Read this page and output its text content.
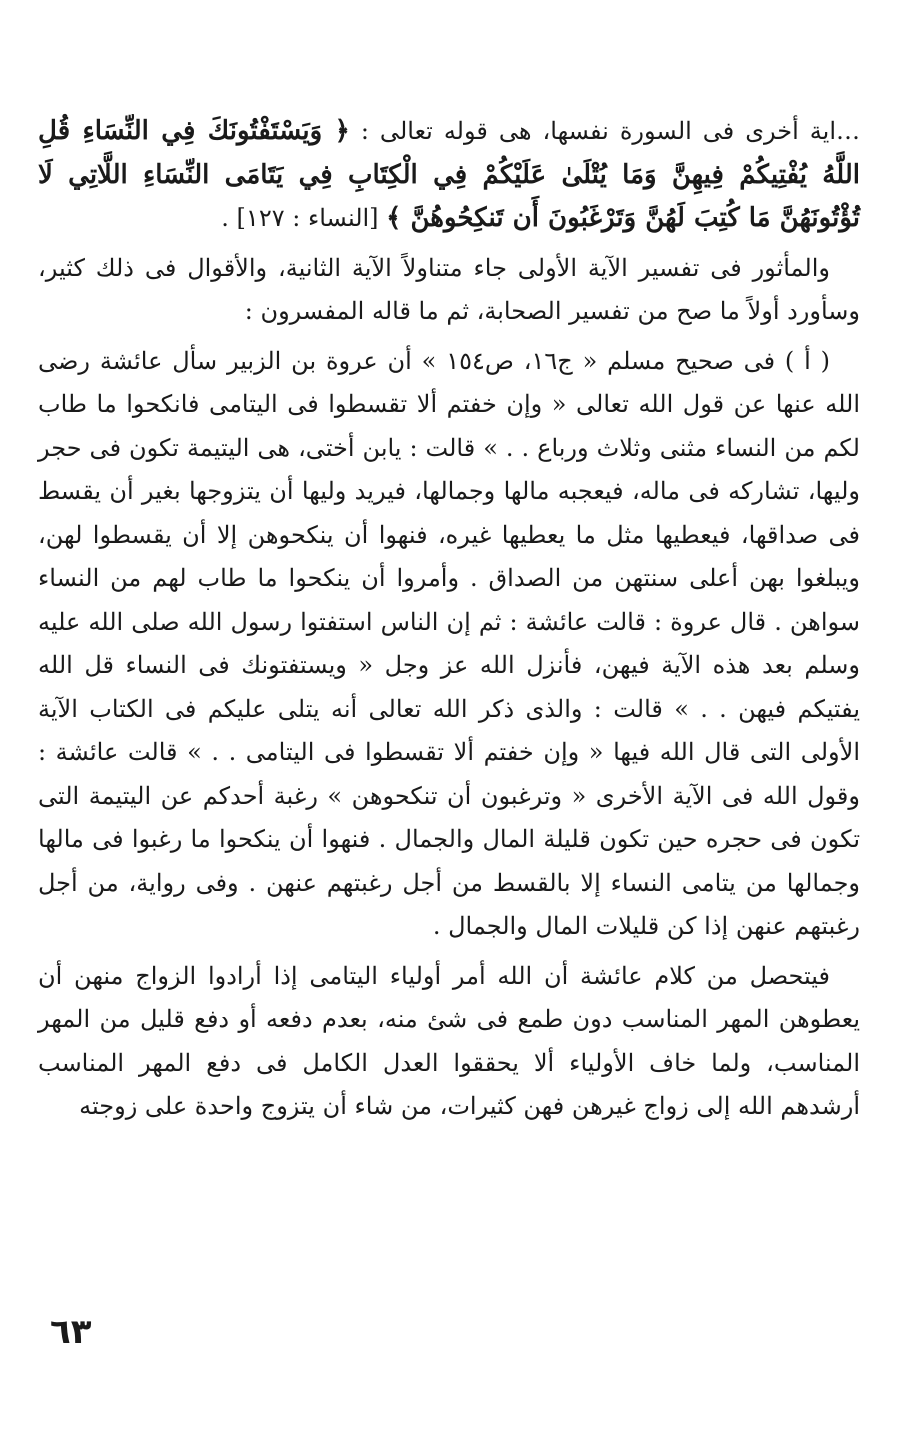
…اية أخرى فى السورة نفسها، هى قوله تعالى : ﴿ وَيَسْتَفْتُونَكَ فِي النِّسَاءِ قُلِ اللَّهُ يُفْتِيكُمْ فِيهِنَّ وَمَا يُتْلَىٰ عَلَيْكُمْ فِي الْكِتَابِ فِي يَتَامَى النِّسَاءِ اللَّاتِي لَا تُؤْتُونَهُنَّ مَا كُتِبَ لَهُنَّ وَتَرْغَبُونَ أَن تَنكِحُوهُنَّ ﴾ [النساء : ١٢٧] .

والمأثور فى تفسير الآية الأولى جاء متناولاً الآية الثانية، والأقوال فى ذلك كثير، وسأورد أولاً ما صح من تفسير الصحابة، ثم ما قاله المفسرون :

( أ ) فى صحيح مسلم « ج١٦، ص١٥٤ » أن عروة بن الزبير سأل عائشة رضى الله عنها عن قول الله تعالى « وإن خفتم ألا تقسطوا فى اليتامى فانكحوا ما طاب لكم من النساء مثنى وثلاث ورباع . . » قالت : يابن أختى، هى اليتيمة تكون فى حجر وليها، تشاركه فى ماله، فيعجبه مالها وجمالها، فيريد وليها أن يتزوجها بغير أن يقسط فى صداقها، فيعطيها مثل ما يعطيها غيره، فنهوا أن ينكحوهن إلا أن يقسطوا لهن، ويبلغوا بهن أعلى سنتهن من الصداق . وأمروا أن ينكحوا ما طاب لهم من النساء سواهن . قال عروة : قالت عائشة : ثم إن الناس استفتوا رسول الله صلى الله عليه وسلم بعد هذه الآية فيهن، فأنزل الله عز وجل « ويستفتونك فى النساء قل الله يفتيكم فيهن . . » قالت : والذى ذكر الله تعالى أنه يتلى عليكم فى الكتاب الآية الأولى التى قال الله فيها « وإن خفتم ألا تقسطوا فى اليتامى . . » قالت عائشة : وقول الله فى الآية الأخرى « وترغبون أن تنكحوهن » رغبة أحدكم عن اليتيمة التى تكون فى حجره حين تكون قليلة المال والجمال . فنهوا أن ينكحوا ما رغبوا فى مالها وجمالها من يتامى النساء إلا بالقسط من أجل رغبتهم عنهن . وفى رواية، من أجل رغبتهم عنهن إذا كن قليلات المال والجمال .

فيتحصل من كلام عائشة أن الله أمر أولياء اليتامى إذا أرادوا الزواج منهن أن يعطوهن المهر المناسب دون طمع فى شئ منه، بعدم دفعه أو دفع قليل من المهر المناسب، ولما خاف الأولياء ألا يحققوا العدل الكامل فى دفع المهر المناسب أرشدهم الله إلى زواج غيرهن فهن كثيرات، من شاء أن يتزوج واحدة على زوجته

٦٣
